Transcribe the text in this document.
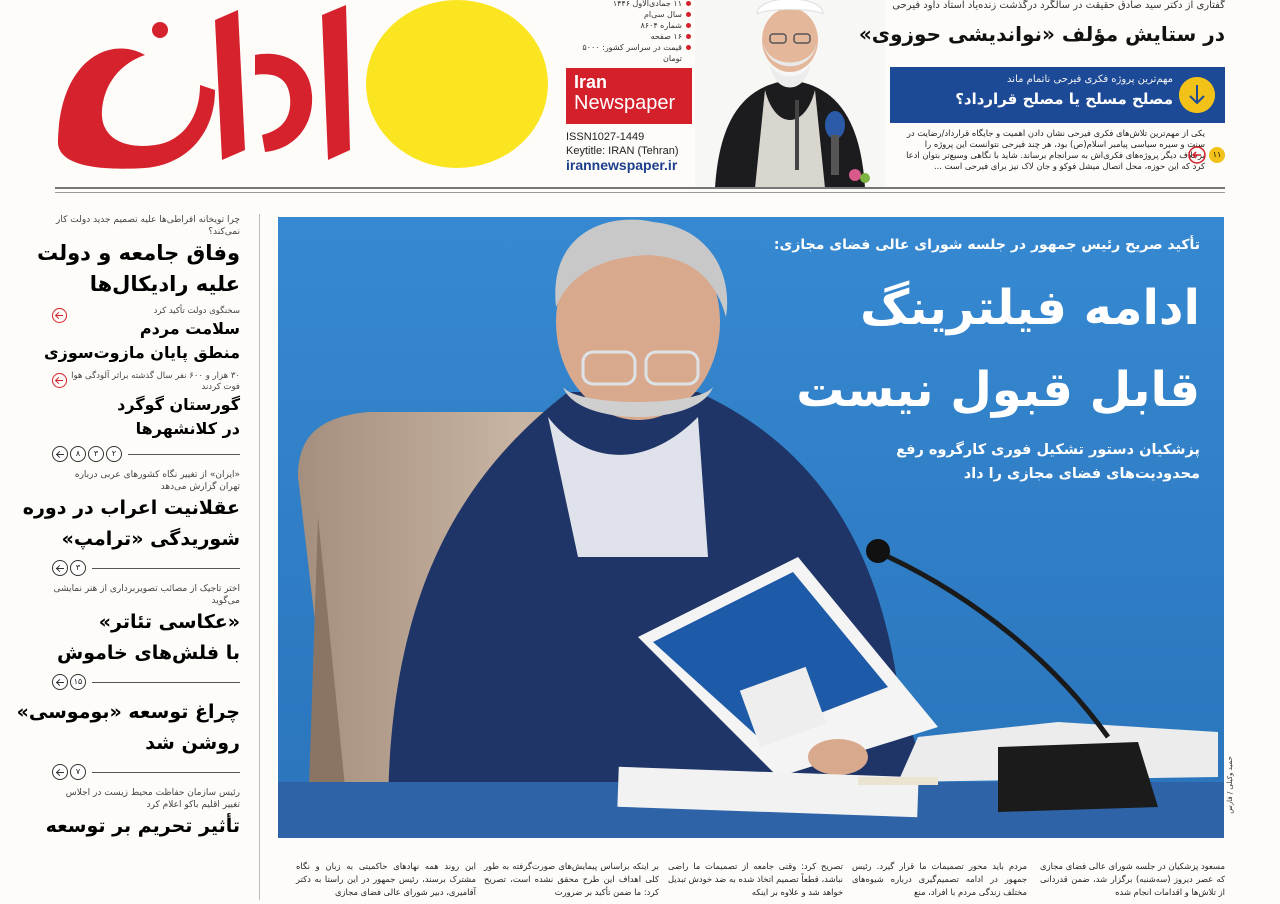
۱۱ جمادی‌الاول ۱۴۴۶
سال سی‌ام
شماره ۸۶۰۴
۱۶ صفحه
قیمت در سراسر کشور: ۵۰۰۰ تومان
Iran
Newspaper
ISSN1027-1449
Keytitle: IRAN (Tehran)
irannewspaper.ir
گفتاری از دکتر سید صادق حقیقت در سالگرد درگذشت زنده‌یاد استاد داود فیرحی
در ستایش مؤلف «نواندیشی حوزوی»
مهم‌ترین پروژه فکری فیرحی ناتمام ماند
مصلح مسلح یا مصلح قرارداد؟
یکی از مهم‌ترین تلاش‌های فکری فیرحی نشان دادن اهمیت و جایگاه قرارداد/رضایت در سنت و سیره سیاسی پیامبر اسلام(ص) بود، هر چند فیرحی نتوانست این پروژه را برخلاف دیگر پروژه‌های فکری‌اش به سرانجام برساند. شاید با نگاهی وسیع‌تر بتوان ادعا کرد که این حوزه، محل اتصال میشل فوکو و جان لاک نیز برای فیرحی است ...
۱۱
چرا تویخانه افراطی‌ها علیه تصمیم جدید دولت کار نمی‌کند؟
وفاق جامعه و دولت
علیه رادیکال‌ها
سخنگوی دولت تأکید کرد
سلامت مردم
منطق پایان مازوت‌سوزی
۳۰ هزار و ۶۰۰ نفر سال گذشته براثر آلودگی هوا فوت کردند
گورستان گوگرد
در کلانشهرها
۸	۳	۲
«ایران» از تغییر نگاه کشورهای عربی درباره تهران گزارش می‌دهد
عقلانیت اعراب در دوره
شوریدگی «ترامپ»
۳
اختر تاجیک از مصائب تصویربرداری از هنر نمایشی می‌گوید
«عکاسی تئاتر»
با فلش‌های خاموش
۱۵
چراغ توسعه «بوموسی»
روشن شد
۷
رئیس سازمان حفاظت محیط زیست در اجلاس تغییر اقلیم باکو اعلام کرد
تأثیر تحریم بر توسعه
تأکید صریح رئیس جمهور در جلسه شورای عالی فضای مجازی:
ادامه فیلترینگ
قابل قبول نیست
پزشکیان دستور تشکیل فوری کارگروه رفع محدودیت‌های فضای مجازی را داد
حمید وکیلی / فارس
مسعود پزشکیان در جلسه شورای عالی فضای مجازی که عصر دیروز (سه‌شنبه) برگزار شد، ضمن قدردانی از تلاش‌ها و اقدامات انجام شده
مردم باید محور تصمیمات ما قرار گیرد. رئیس جمهور در ادامه تصمیم‌گیری درباره شیوه‌های مختلف زندگی مردم با افراد، منع
تصریح کرد: وقتی جامعه از تصمیمات ما راضی نباشد، قطعاً تصمیم اتخاذ شده به ضد خودش تبدیل خواهد شد و علاوه بر اینکه
بر اینکه براساس پیمایش‌های صورت‌گرفته به طور کلی اهداف این طرح محقق نشده است، تصریح کرد: ما ضمن تأکید بر ضرورت
این روند همه نهادهای حاکمیتی به زبان و نگاه مشترک برسند، رئیس جمهور در این راستا به دکتر آقامیری، دبیر شورای عالی فضای مجازی
